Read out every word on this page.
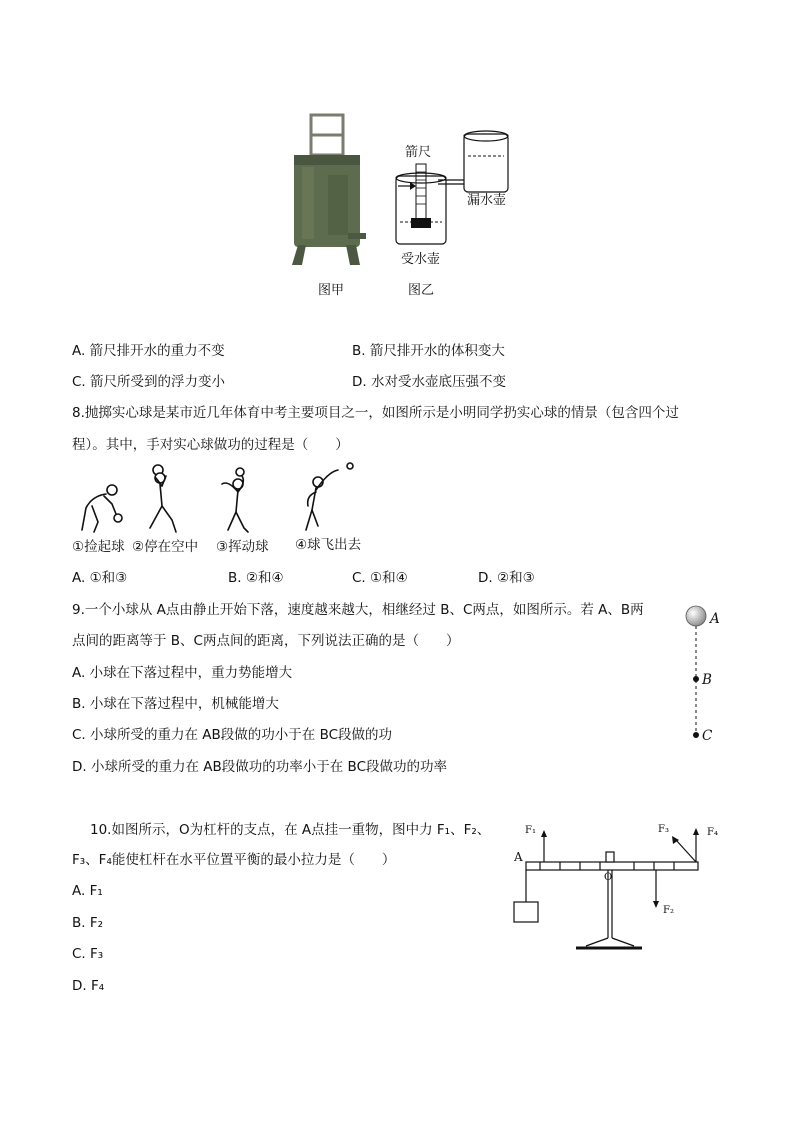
箭尺
漏水壶
受水壶
图甲	图乙
A. 箭尺排开水的重力不变	B. 箭尺排开水的体积变大
C. 箭尺所受到的浮力变小	D. 水对受水壶底压强不变
8.抛掷实心球是某市近几年体育中考主要项目之一，如图所示是小明同学扔实心球的情景（包含四个过
程）。其中，手对实心球做功的过程是（　　）
①捡起球 ②停在空中 ③挥动球 ④球飞出去
A. ①和③	B. ②和④	C. ①和④	D. ②和③
9.一个小球从 A点由静止开始下落，速度越来越大，相继经过 B、C两点，如图所示。若 A、B两
点间的距离等于 B、C两点间的距离，下列说法正确的是（　　）
A. 小球在下落过程中，重力势能增大
B. 小球在下落过程中，机械能增大
C. 小球所受的重力在 AB段做的功小于在 BC段做的功
D. 小球所受的重力在 AB段做功的功率小于在 BC段做功的功率
A
B
C
10.如图所示，O为杠杆的支点，在 A点挂一重物，图中力 F₁、F₂、
F₃、F₄能使杠杆在水平位置平衡的最小拉力是（　　）
A. F₁
B. F₂
C. F₃
D. F₄
F₁	F₃	F₄
F₂
A
O
